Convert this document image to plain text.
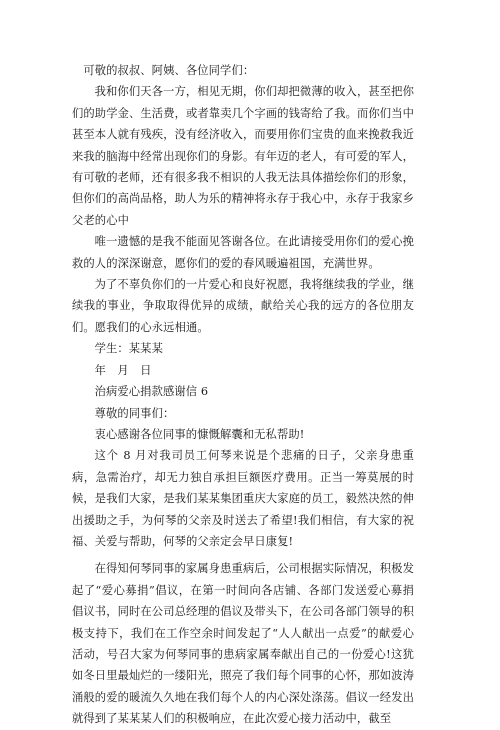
可敬的叔叔、阿姨、各位同学们：

我和你们天各一方，相见无期，你们却把微薄的收入，甚至把你们的助学金、生活费，或者靠卖几个字画的钱寄给了我。而你们当中甚至本人就有残疾，没有经济收入，而要用你们宝贵的血来挽救我近来我的脑海中经常出现你们的身影。有年迈的老人，有可爱的军人，有可敬的老师，还有很多我不相识的人我无法具体描绘你们的形象，但你们的高尚品格，助人为乐的精神将永存于我心中，永存于我家乡父老的心中

唯一遗憾的是我不能面见答谢各位。在此请接受用你们的爱心挽救的人的深深谢意，愿你们的爱的春风暖遍祖国，充满世界。

为了不辜负你们的一片爱心和良好祝愿，我将继续我的学业，继续我的事业，争取取得优异的成绩，献给关心我的远方的各位朋友们。愿我们的心永远相通。

学生：某某某

年　月　日

治病爱心捐款感谢信 6

尊敬的同事们：

衷心感谢各位同事的慷慨解囊和无私帮助!

这个 8 月对我司员工何琴来说是个悲痛的日子，父亲身患重病，急需治疗，却无力独自承担巨额医疗费用。正当一筹莫展的时候，是我们大家，是我们某某集团重庆大家庭的员工，毅然决然的伸出援助之手，为何琴的父亲及时送去了希望!我们相信，有大家的祝福、关爱与帮助，何琴的父亲定会早日康复!

在得知何琴同事的家属身患重病后，公司根据实际情况，积极发起了“爱心募捐”倡议，在第一时间向各店铺、各部门发送爱心募捐倡议书，同时在公司总经理的倡议及带头下，在公司各部门领导的积极支持下，我们在工作空余时间发起了“人人献出一点爱”的献爱心活动，号召大家为何琴同事的患病家属奉献出自己的一份爱心!这犹如冬日里最灿烂的一缕阳光，照亮了我们每个同事的心怀，那如波涛涌般的爱的暖流久久地在我们每个人的内心深处涤荡。倡议一经发出就得到了某某某人们的积极响应，在此次爱心接力活动中，截至
